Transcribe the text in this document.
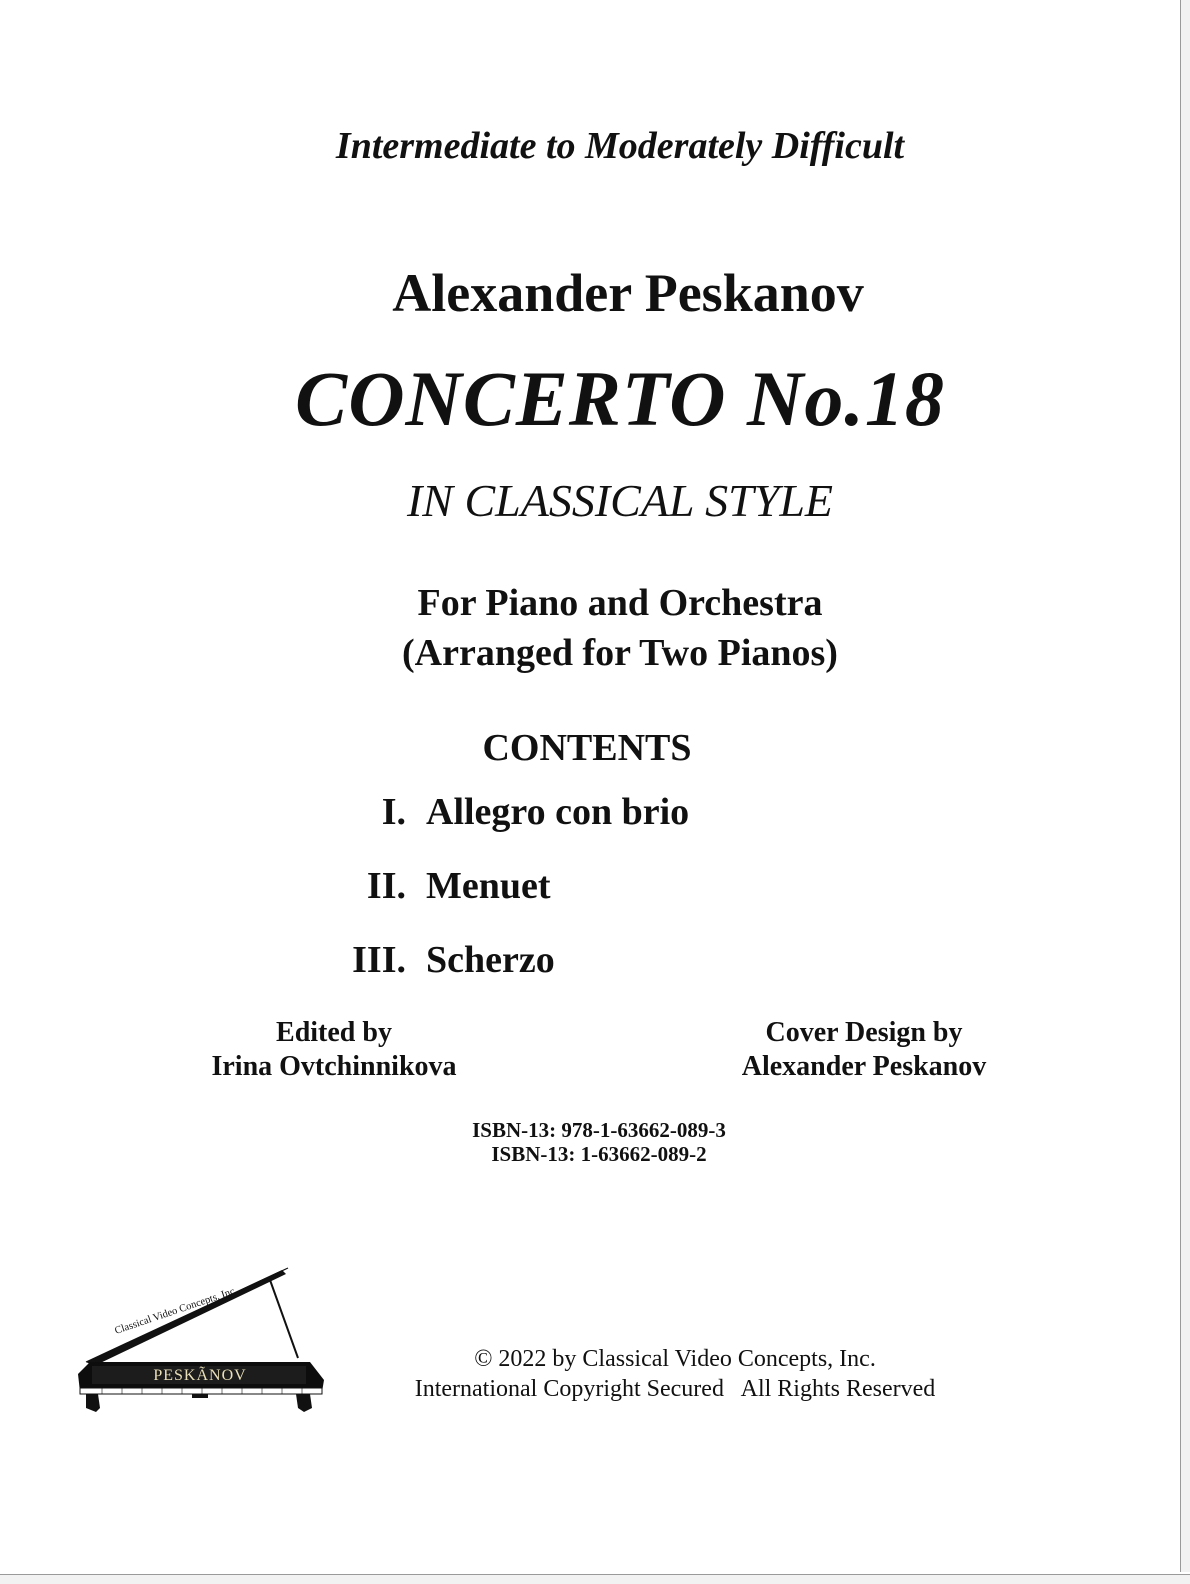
Intermediate to Moderately Difficult
Alexander Peskanov
CONCERTO No.18
IN CLASSICAL STYLE
For Piano and Orchestra
(Arranged for Two Pianos)
CONTENTS
I. Allegro con brio
II. Menuet
III. Scherzo
Edited by
Irina Ovtchinnikova
Cover Design by
Alexander Peskanov
ISBN-13: 978-1-63662-089-3
ISBN-13: 1-63662-089-2
Classical Video Concepts, Inc.
PESKÃNOV
© 2022 by Classical Video Concepts, Inc.
International Copyright Secured   All Rights Reserved
